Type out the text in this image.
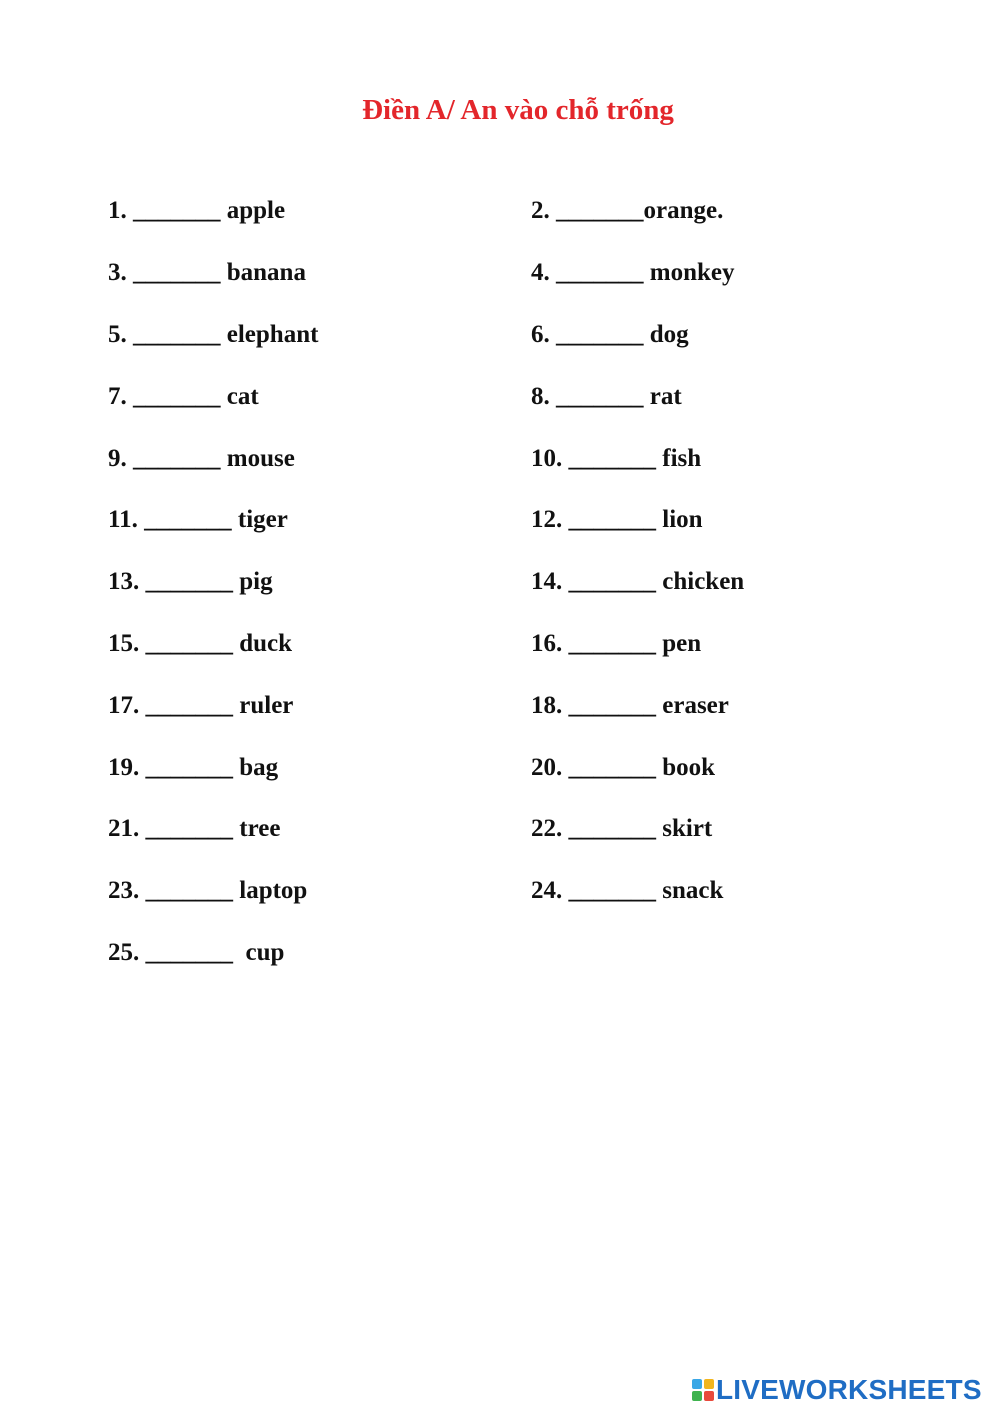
Điền A/ An vào chỗ trống
1. _______ apple	2. _______orange.
3. _______ banana	4. _______ monkey
5. _______ elephant	6. _______ dog
7. _______ cat	8. _______ rat
9. _______ mouse	10. _______ fish
11. _______ tiger	12. _______ lion
13. _______ pig	14. _______ chicken
15. _______ duck	16. _______ pen
17. _______ ruler	18. _______ eraser
19. _______ bag	20. _______ book
21. _______ tree	22. _______ skirt
23. _______ laptop	24. _______ snack
25. _______  cup
LIVEWORKSHEETS
